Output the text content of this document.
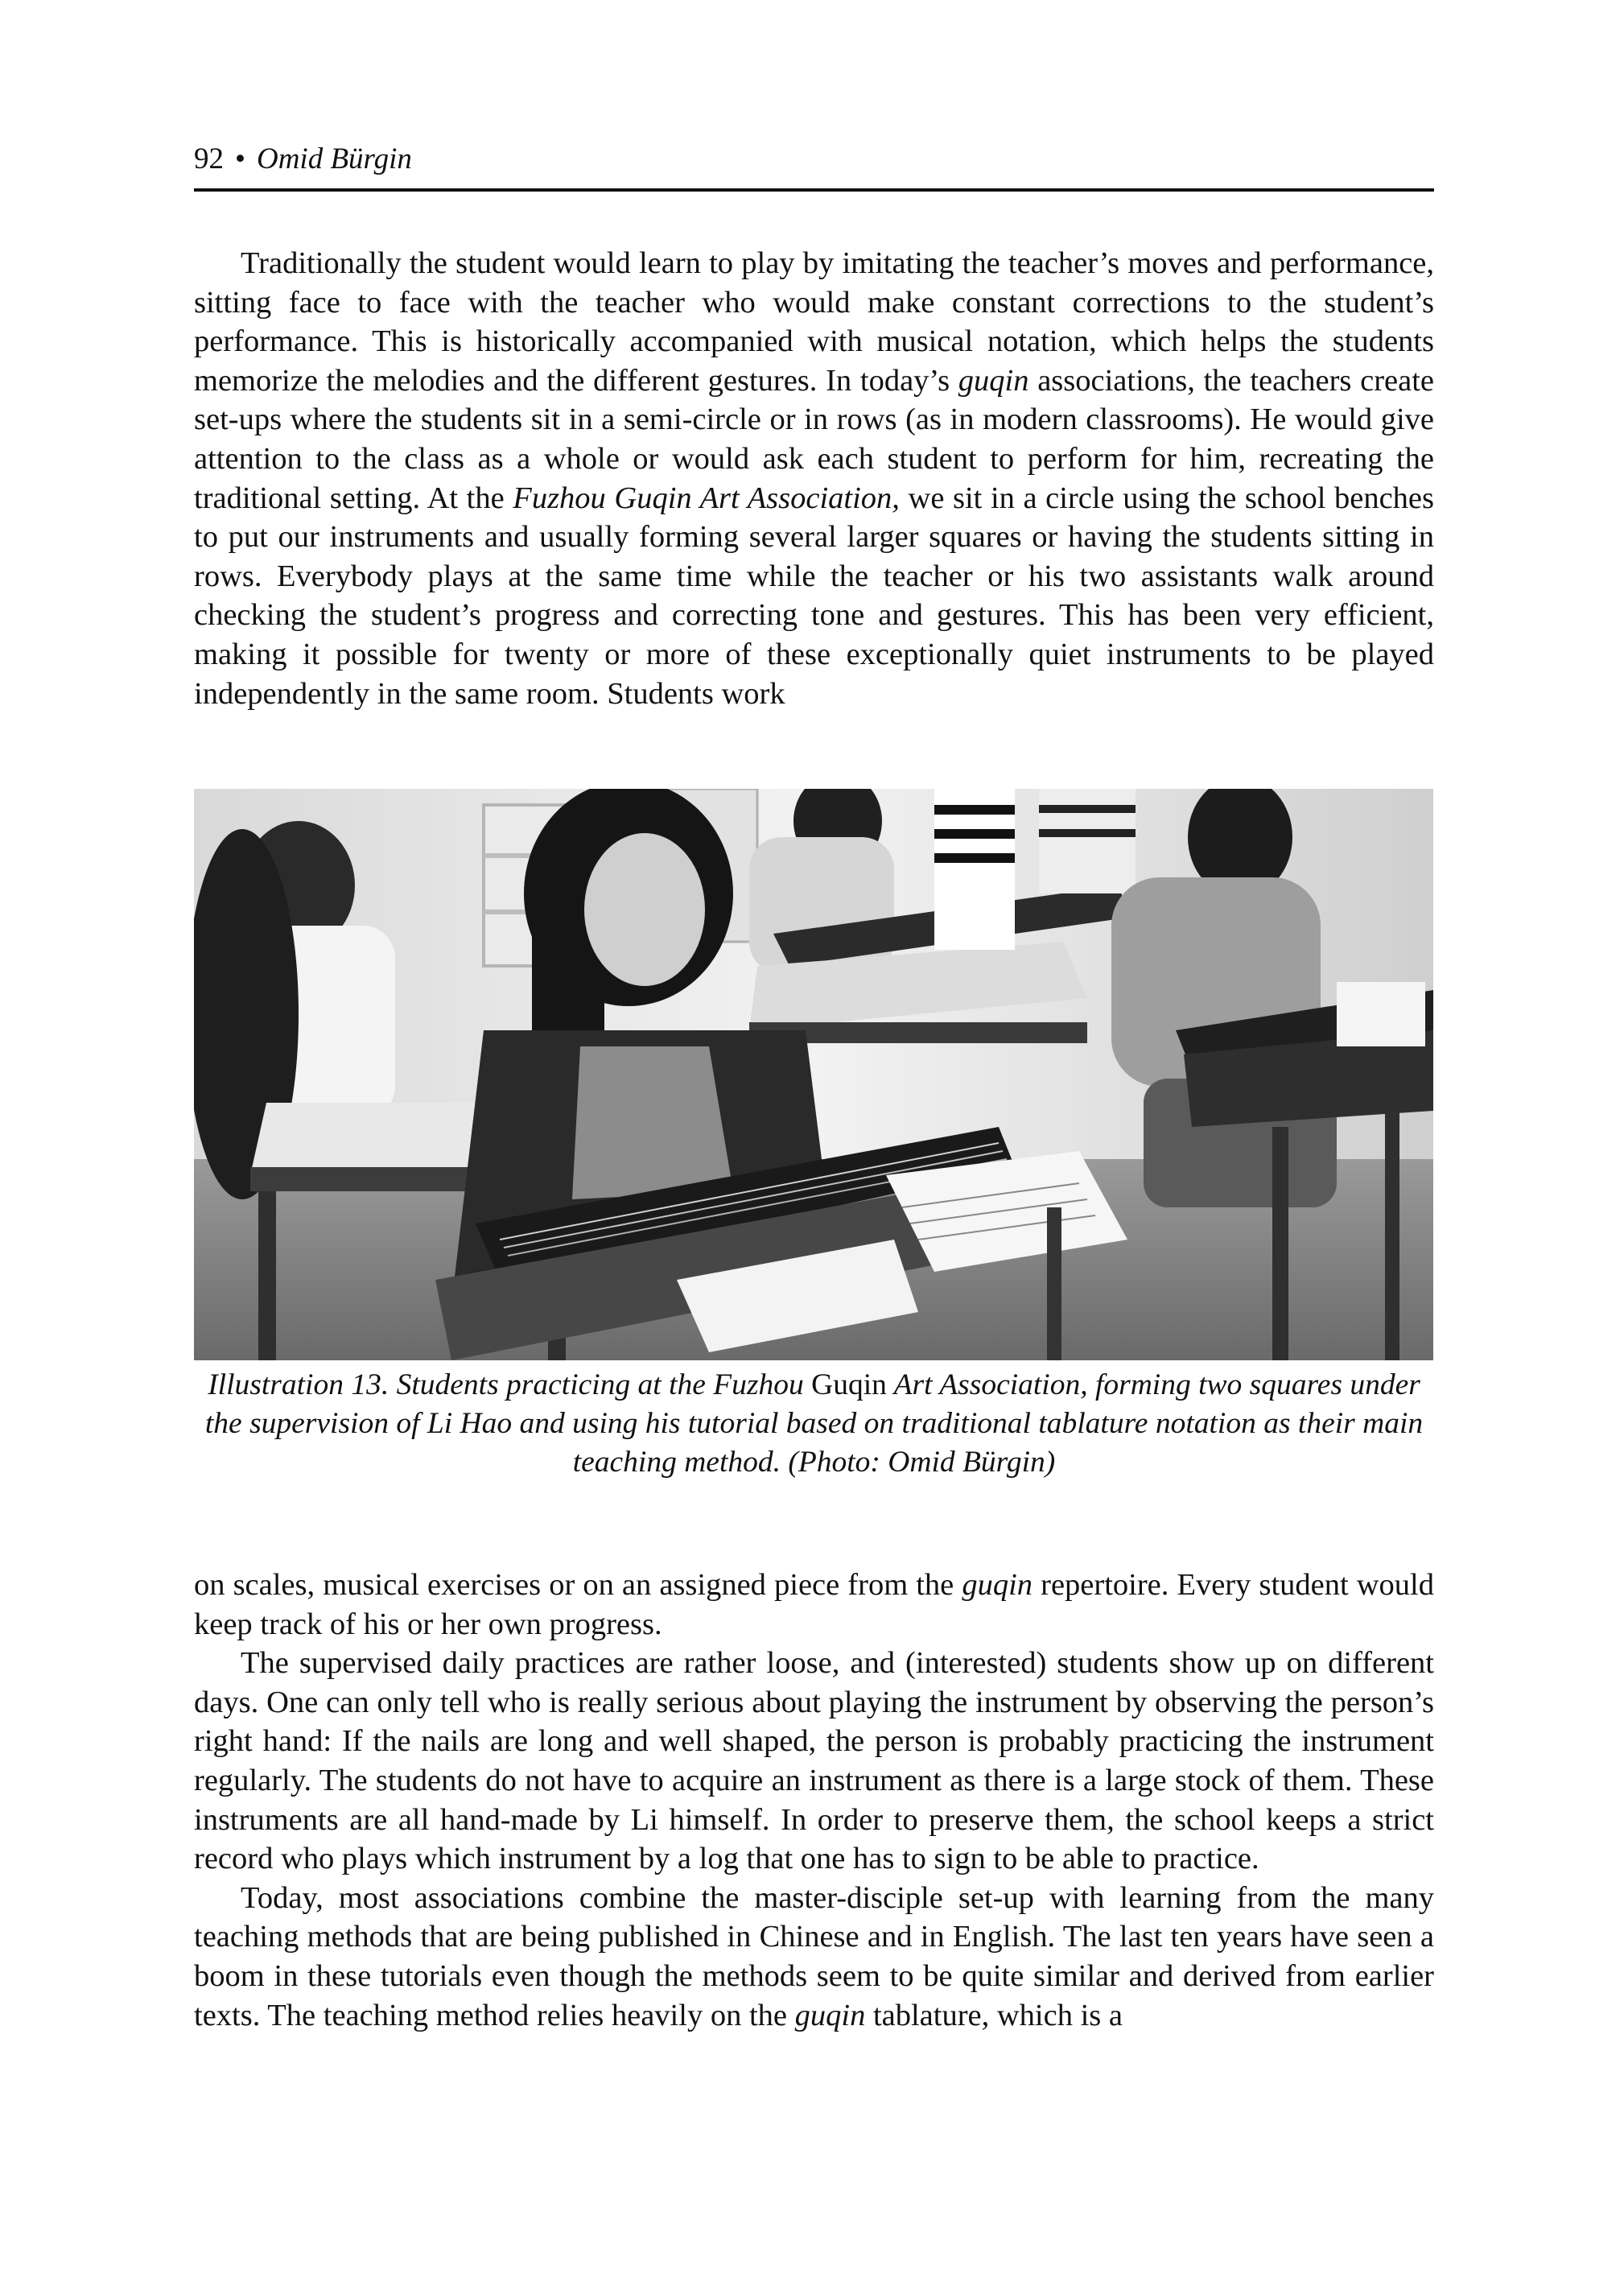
92 • Omid Bürgin

Traditionally the student would learn to play by imitating the teacher’s moves and performance, sitting face to face with the teacher who would make constant corrections to the student’s performance. This is historically accompanied with musical notation, which helps the students memorize the melodies and the different gestures. In today’s guqin associations, the teachers create set-ups where the students sit in a semi-circle or in rows (as in modern classrooms). He would give attention to the class as a whole or would ask each student to perform for him, recreating the traditional setting. At the Fuzhou Guqin Art Association, we sit in a circle using the school benches to put our instruments and usually forming several larger squares or having the students sitting in rows. Everybody plays at the same time while the teacher or his two assistants walk around checking the student’s progress and correcting tone and gestures. This has been very efficient, making it possible for twenty or more of these exceptionally quiet instruments to be played independently in the same room. Students work

Illustration 13. Students practicing at the Fuzhou Guqin Art Association, forming two squares under the supervision of Li Hao and using his tutorial based on traditional tablature notation as their main teaching method. (Photo: Omid Bürgin)

on scales, musical exercises or on an assigned piece from the guqin repertoire. Every student would keep track of his or her own progress.

The supervised daily practices are rather loose, and (interested) students show up on different days. One can only tell who is really serious about playing the instrument by observing the person’s right hand: If the nails are long and well shaped, the person is probably practicing the instrument regularly. The students do not have to acquire an instrument as there is a large stock of them. These instruments are all hand-made by Li himself. In order to preserve them, the school keeps a strict record who plays which instrument by a log that one has to sign to be able to practice.

Today, most associations combine the master-disciple set-up with learning from the many teaching methods that are being published in Chinese and in English. The last ten years have seen a boom in these tutorials even though the methods seem to be quite similar and derived from earlier texts. The teaching method relies heavily on the guqin tablature, which is a
